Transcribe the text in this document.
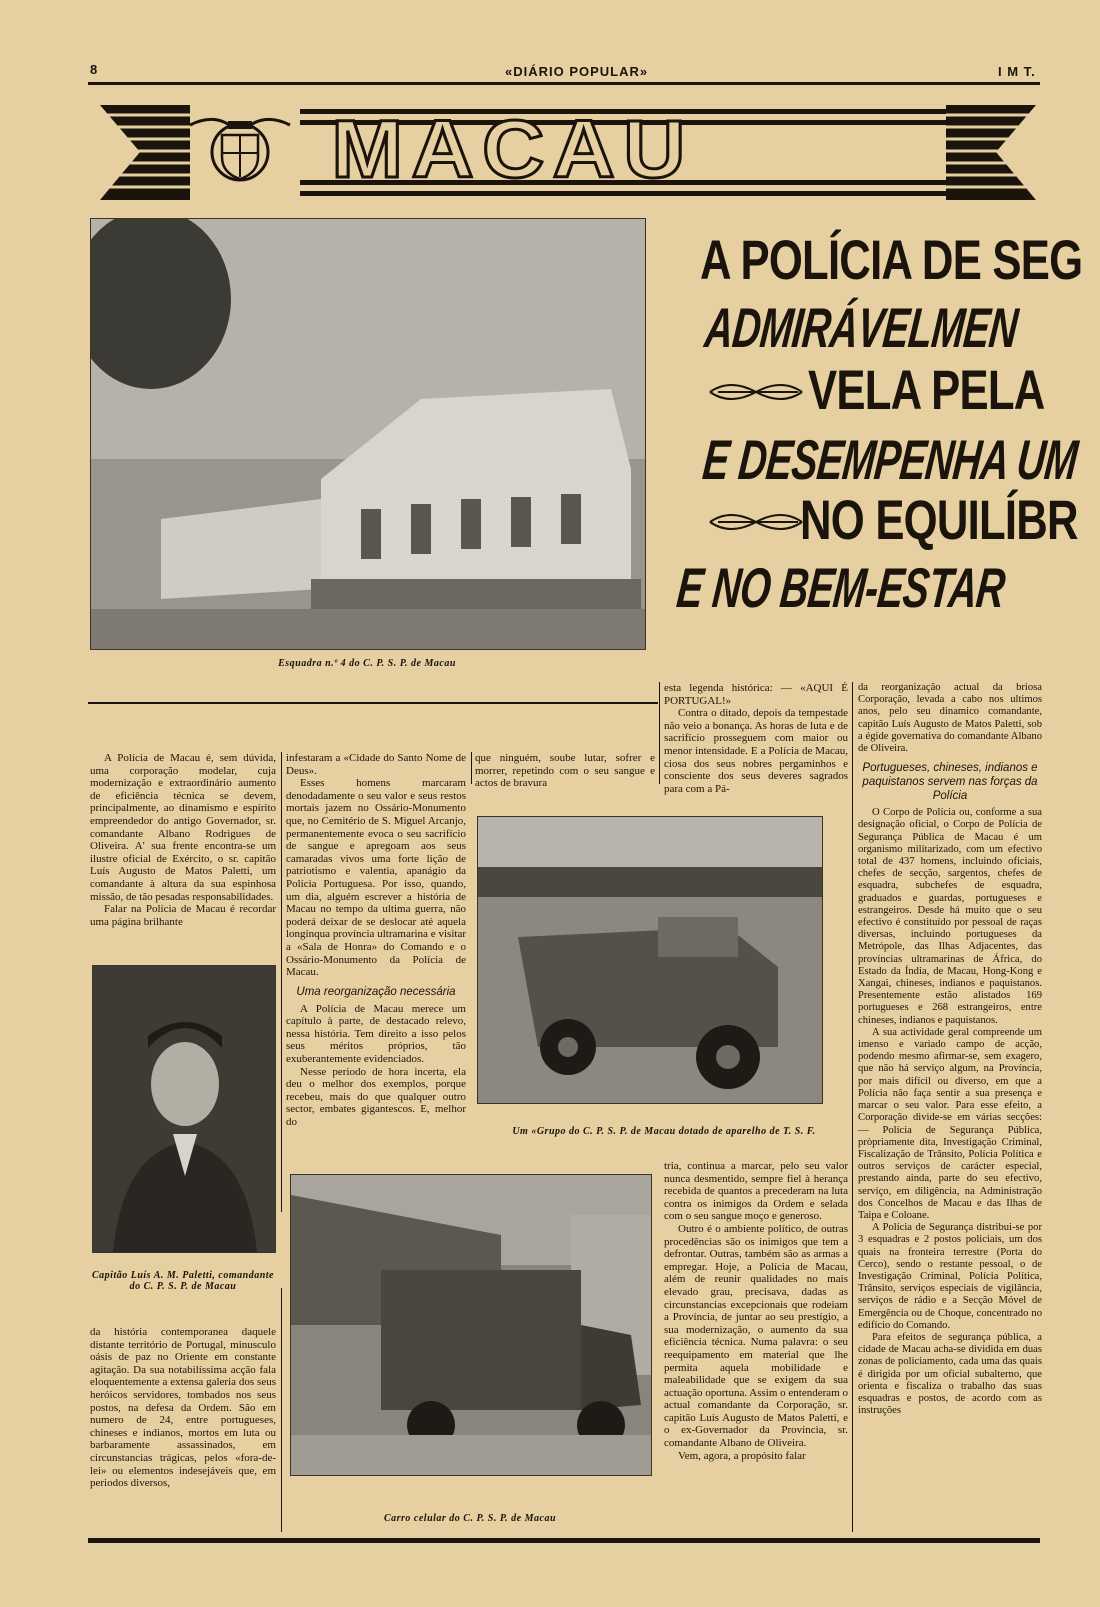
8	«DIÁRIO POPULAR»	I M T.
MACAU
Esquadra n.º 4 do C. P. S. P. de Macau
A POLÍCIA DE SEG
ADMIRÁVELMEN
VELA PELA
E DESEMPENHA UM
NO EQUILÍBR
E NO BEM-ESTAR

A Polícia de Macau é, sem dúvida, uma corporação modelar, cuja modernização e extraordinário aumento de eficiência técnica se devem, principalmente, ao dinamismo e espírito empreendedor do antigo Governador, sr. comandante Albano Rodrigues de Oliveira. A' sua frente encontra-se um ilustre oficial de Exército, o sr. capitão Luís Augusto de Matos Paletti, um comandante à altura da sua espinhosa missão, de tão pesadas responsabilidades.

Falar na Polícia de Macau é recordar uma página brilhante

Capitão Luís A. M. Paletti, comandante do C. P. S. P. de Macau

da história contemporanea daquele distante território de Portugal, minusculo oásis de paz no Oriente em constante agitação. Da sua notabilíssima acção fala eloquentemente a extensa galeria dos seus heróicos servidores, tombados nos seus postos, na defesa da Ordem. São em numero de 24, entre portugueses, chineses e indianos, mortos em luta ou barbaramente assassinados, em circunstancias trágicas, pelos «fora-de-lei» ou elementos indesejáveis que, em periodos diversos,

infestaram a «Cidade do Santo Nome de Deus».

Esses homens marcaram denodadamente o seu valor e seus restos mortais jazem no Ossário-Monumento que, no Cemitério de S. Miguel Arcanjo, permanentemente evoca o seu sacrifício de sangue e apregoam aos seus camaradas vivos uma forte lição de patriotismo e valentia, apanágio da Polícia Portuguesa. Por isso, quando, um dia, alguém escrever a história de Macau no tempo da ultima guerra, não poderá deixar de se deslocar até aquela longínqua província ultramarina e visitar a «Sala de Honra» do Comando e o Ossário-Monumento da Polícia de Macau.

Uma reorganização necessária

A Polícia de Macau merece um capítulo à parte, de destacado relevo, nessa história. Tem direito a isso pelos seus méritos próprios, tão exuberantemente evidenciados.

Nesse periodo de hora incerta, ela deu o melhor dos exemplos, porque recebeu, mais do que qualquer outro sector, embates gigantescos. E, melhor do

que ninguém, soube lutar, sofrer e morrer, repetindo com o seu sangue e actos de bravura

esta legenda histórica: — «AQUI É PORTUGAL!»

Contra o ditado, depois da tempestade não veio a bonança. As horas de luta e de sacrifício prosseguem com maior ou menor intensidade. E a Polícia de Macau, ciosa dos seus nobres pergaminhos e consciente dos seus deveres sagrados para com a Pá-

Um «Grupo do C. P. S. P. de Macau dotado de aparelho de T. S. F.
Carro celular do C. P. S. P. de Macau

tria, continua a marcar, pelo seu valor nunca desmentido, sempre fiel à herança recebida de quantos a precederam na luta contra os inimigos da Ordem e selada com o seu sangue moço e generoso.

Outro é o ambiente político, de outras procedências são os inimigos que tem a defrontar. Outras, também são as armas a empregar. Hoje, a Polícia de Macau, além de reunir qualidades no mais elevado grau, precisava, dadas as circunstancias excepcionais que rodeiam a Província, de juntar ao seu prestígio, a sua modernização, o aumento da sua eficiência técnica. Numa palavra: o seu reequipamento em material que lhe permita aquela mobilidade e maleabilidade que se exigem da sua actuação oportuna. Assim o entenderam o actual comandante da Corporação, sr. capitão Luís Augusto de Matos Paletti, e o ex-Governador da Província, sr. comandante Albano de Oliveira.

Vem, agora, a propósito falar

da reorganização actual da briosa Corporação, levada a cabo nos ultimos anos, pelo seu dinamico comandante, capitão Luís Augusto de Matos Paletti, sob a égide governativa do comandante Albano de Oliveira.

Portugueses, chineses, indianos e paquistanos servem nas forças da Polícia

O Corpo de Polícia ou, conforme a sua designação oficial, o Corpo de Polícia de Segurança Pública de Macau é um organismo militarizado, com um efectivo total de 437 homens, incluindo oficiais, chefes de secção, sargentos, chefes de esquadra, subchefes de esquadra, graduados e guardas, portugueses e estrangeiros. Desde há muito que o seu efectivo é constituído por pessoal de raças diversas, incluindo portugueses da Metrópole, das Ilhas Adjacentes, das províncias ultramarinas de África, do Estado da Índia, de Macau, Hong-Kong e Xangai, chineses, indianos e paquistanos. Presentemente estão alistados 169 portugueses e 268 estrangeiros, entre chineses, indianos e paquistanos.

A sua actividade geral compreende um imenso e variado campo de acção, podendo mesmo afirmar-se, sem exagero, que não há serviço algum, na Província, por mais difícil ou diverso, em que a Polícia não faça sentir a sua presença e marcar o seu valor. Para esse efeito, a Corporação divide-se em várias secções: — Polícia de Segurança Pública, pròpriamente dita, Investigação Criminal, Fiscalização de Trânsito, Polícia Política e outros serviços de carácter especial, prestando ainda, parte do seu efectivo, serviço, em diligência, na Administração dos Concelhos de Macau e das Ilhas de Taipa e Coloane.

A Polícia de Segurança distribui-se por 3 esquadras e 2 postos policiais, um dos quais na fronteira terrestre (Porta do Cerco), sendo o restante pessoal, o de Investigação Criminal, Polícia Política, Trânsito, serviços especiais de vigilância, serviços de rádio e a Secção Móvel de Emergência ou de Choque, concentrado no edifício do Comando.

Para efeitos de segurança pública, a cidade de Macau acha-se dividida em duas zonas de policiamento, cada uma das quais é dirigida por um oficial subalterno, que orienta e fiscaliza o trabalho das suas esquadras e postos, de acordo com as instruções
